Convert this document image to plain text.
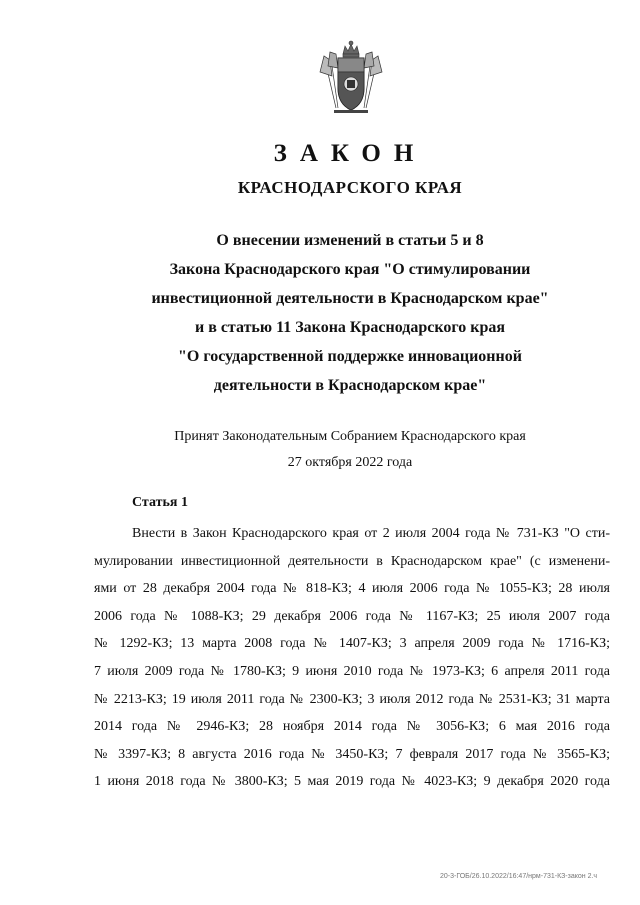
ЗАКОН
КРАСНОДАРСКОГО КРАЯ
О внесении изменений в статьи 5 и 8
Закона Краснодарского края "О стимулировании
инвестиционной деятельности в Краснодарском крае"
и в статью 11 Закона Краснодарского края
"О государственной поддержке инновационной
деятельности в Краснодарском крае"
Принят Законодательным Собранием Краснодарского края
27 октября 2022 года
Статья 1
Внести в Закон Краснодарского края от 2 июля 2004 года № 731-КЗ "О сти-
мулировании инвестиционной деятельности в Краснодарском крае" (с изменени-
ями от 28 декабря 2004 года № 818-КЗ; 4 июля 2006 года № 1055-КЗ; 28 июля
2006 года № 1088-КЗ; 29 декабря 2006 года № 1167-КЗ; 25 июля 2007 года
№ 1292-КЗ; 13 марта 2008 года № 1407-КЗ; 3 апреля 2009 года № 1716-КЗ;
7 июля 2009 года № 1780-КЗ; 9 июня 2010 года № 1973-КЗ; 6 апреля 2011 года
№ 2213-КЗ; 19 июля 2011 года № 2300-КЗ; 3 июля 2012 года № 2531-КЗ; 31 марта
2014 года № 2946-КЗ; 28 ноября 2014 года № 3056-КЗ; 6 мая 2016 года
№ 3397-КЗ; 8 августа 2016 года № 3450-КЗ; 7 февраля 2017 года № 3565-КЗ;
1 июня 2018 года № 3800-КЗ; 5 мая 2019 года № 4023-КЗ; 9 декабря 2020 года
20-3-ГОБ/26.10.2022/16:47/нрм-731-КЗ-закон 2.ч
